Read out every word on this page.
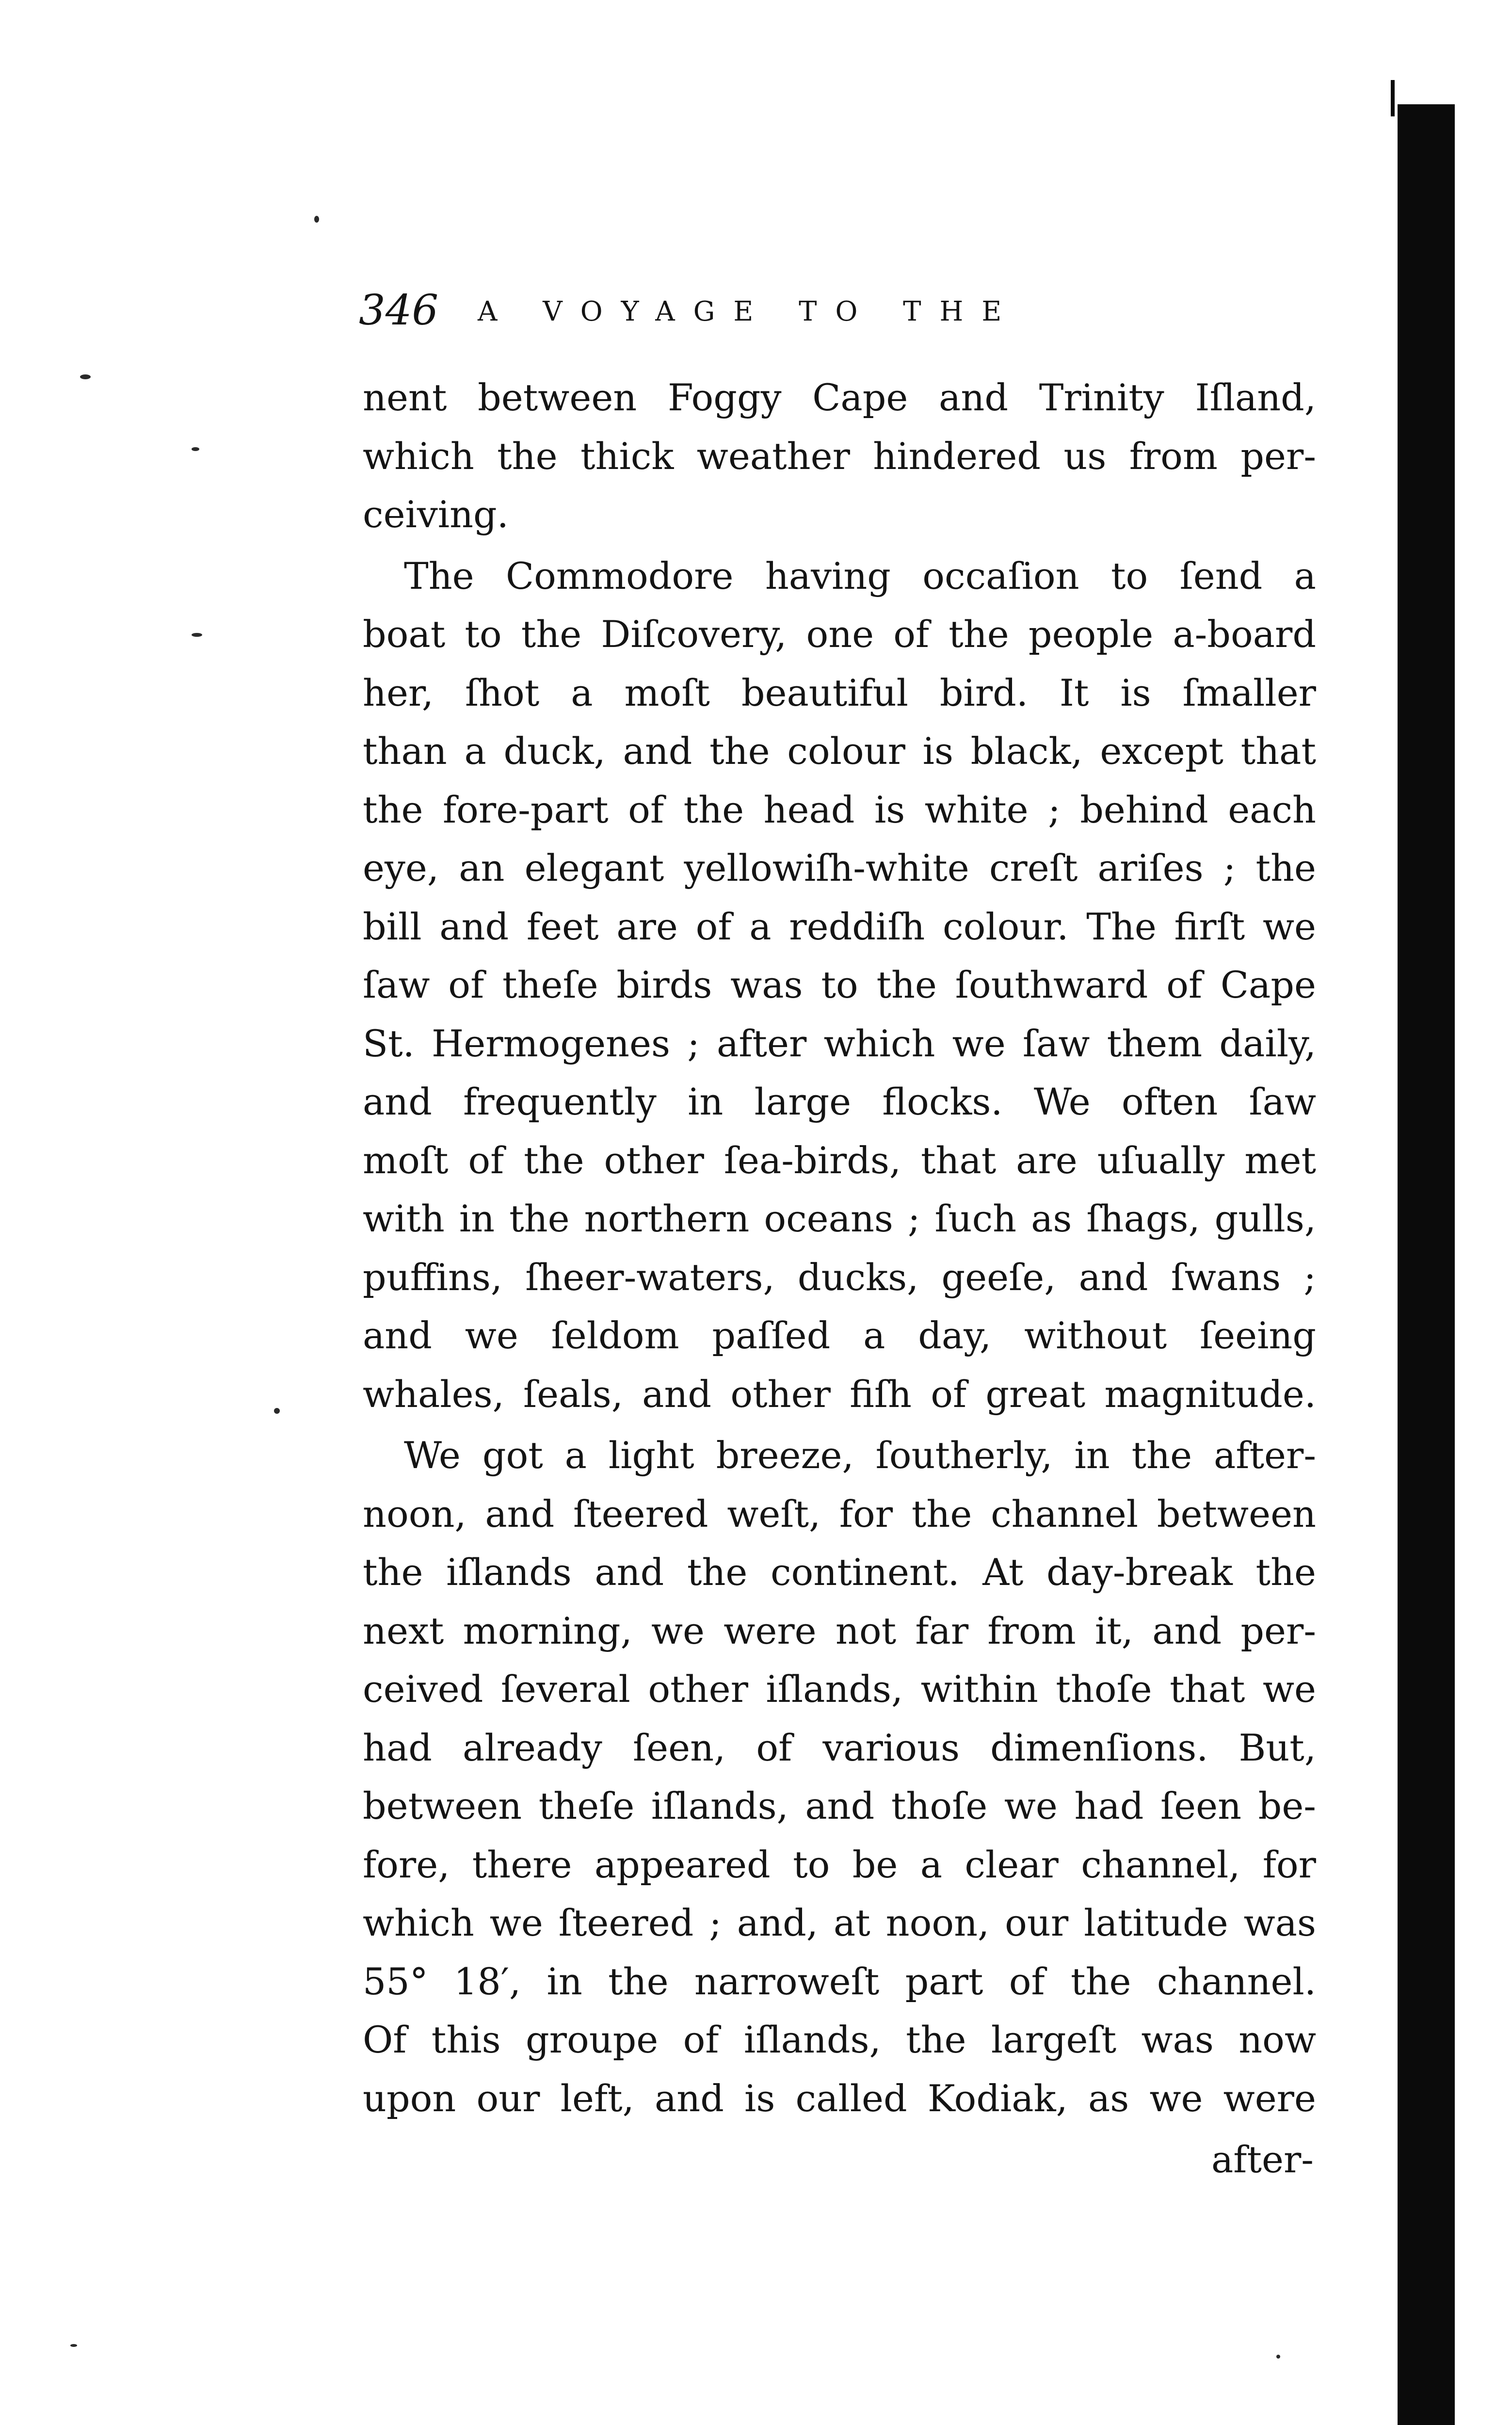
346 A VOYAGE TO THE
nent between Foggy Cape and Trinity Iſland,
which the thick weather hindered us from per-
ceiving.
The Commodore having occaſion to ſend a
boat to the Diſcovery, one of the people a-board
her, ſhot a moſt beautiful bird. It is ſmaller
than a duck, and the colour is black, except that
the fore-part of the head is white ; behind each
eye, an elegant yellowiſh-white creſt ariſes ; the
bill and feet are of a reddiſh colour. The firſt we
ſaw of theſe birds was to the ſouthward of Cape
St. Hermogenes ; after which we ſaw them daily,
and frequently in large flocks. We often ſaw
moſt of the other ſea-birds, that are uſually met
with in the northern oceans ; ſuch as ſhags, gulls,
puffins, ſheer-waters, ducks, geeſe, and ſwans ;
and we ſeldom paſſed a day, without ſeeing
whales, ſeals, and other fiſh of great magnitude.
We got a light breeze, ſoutherly, in the after-
noon, and ſteered weſt, for the channel between
the iſlands and the continent. At day-break the
next morning, we were not far from it, and per-
ceived ſeveral other iſlands, within thoſe that we
had already ſeen, of various dimenſions. But,
between theſe iſlands, and thoſe we had ſeen be-
fore, there appeared to be a clear channel, for
which we ſteered ; and, at noon, our latitude was
55° 18′, in the narroweſt part of the channel.
Of this groupe of iſlands, the largeſt was now
upon our left, and is called Kodiak, as we were
after-
